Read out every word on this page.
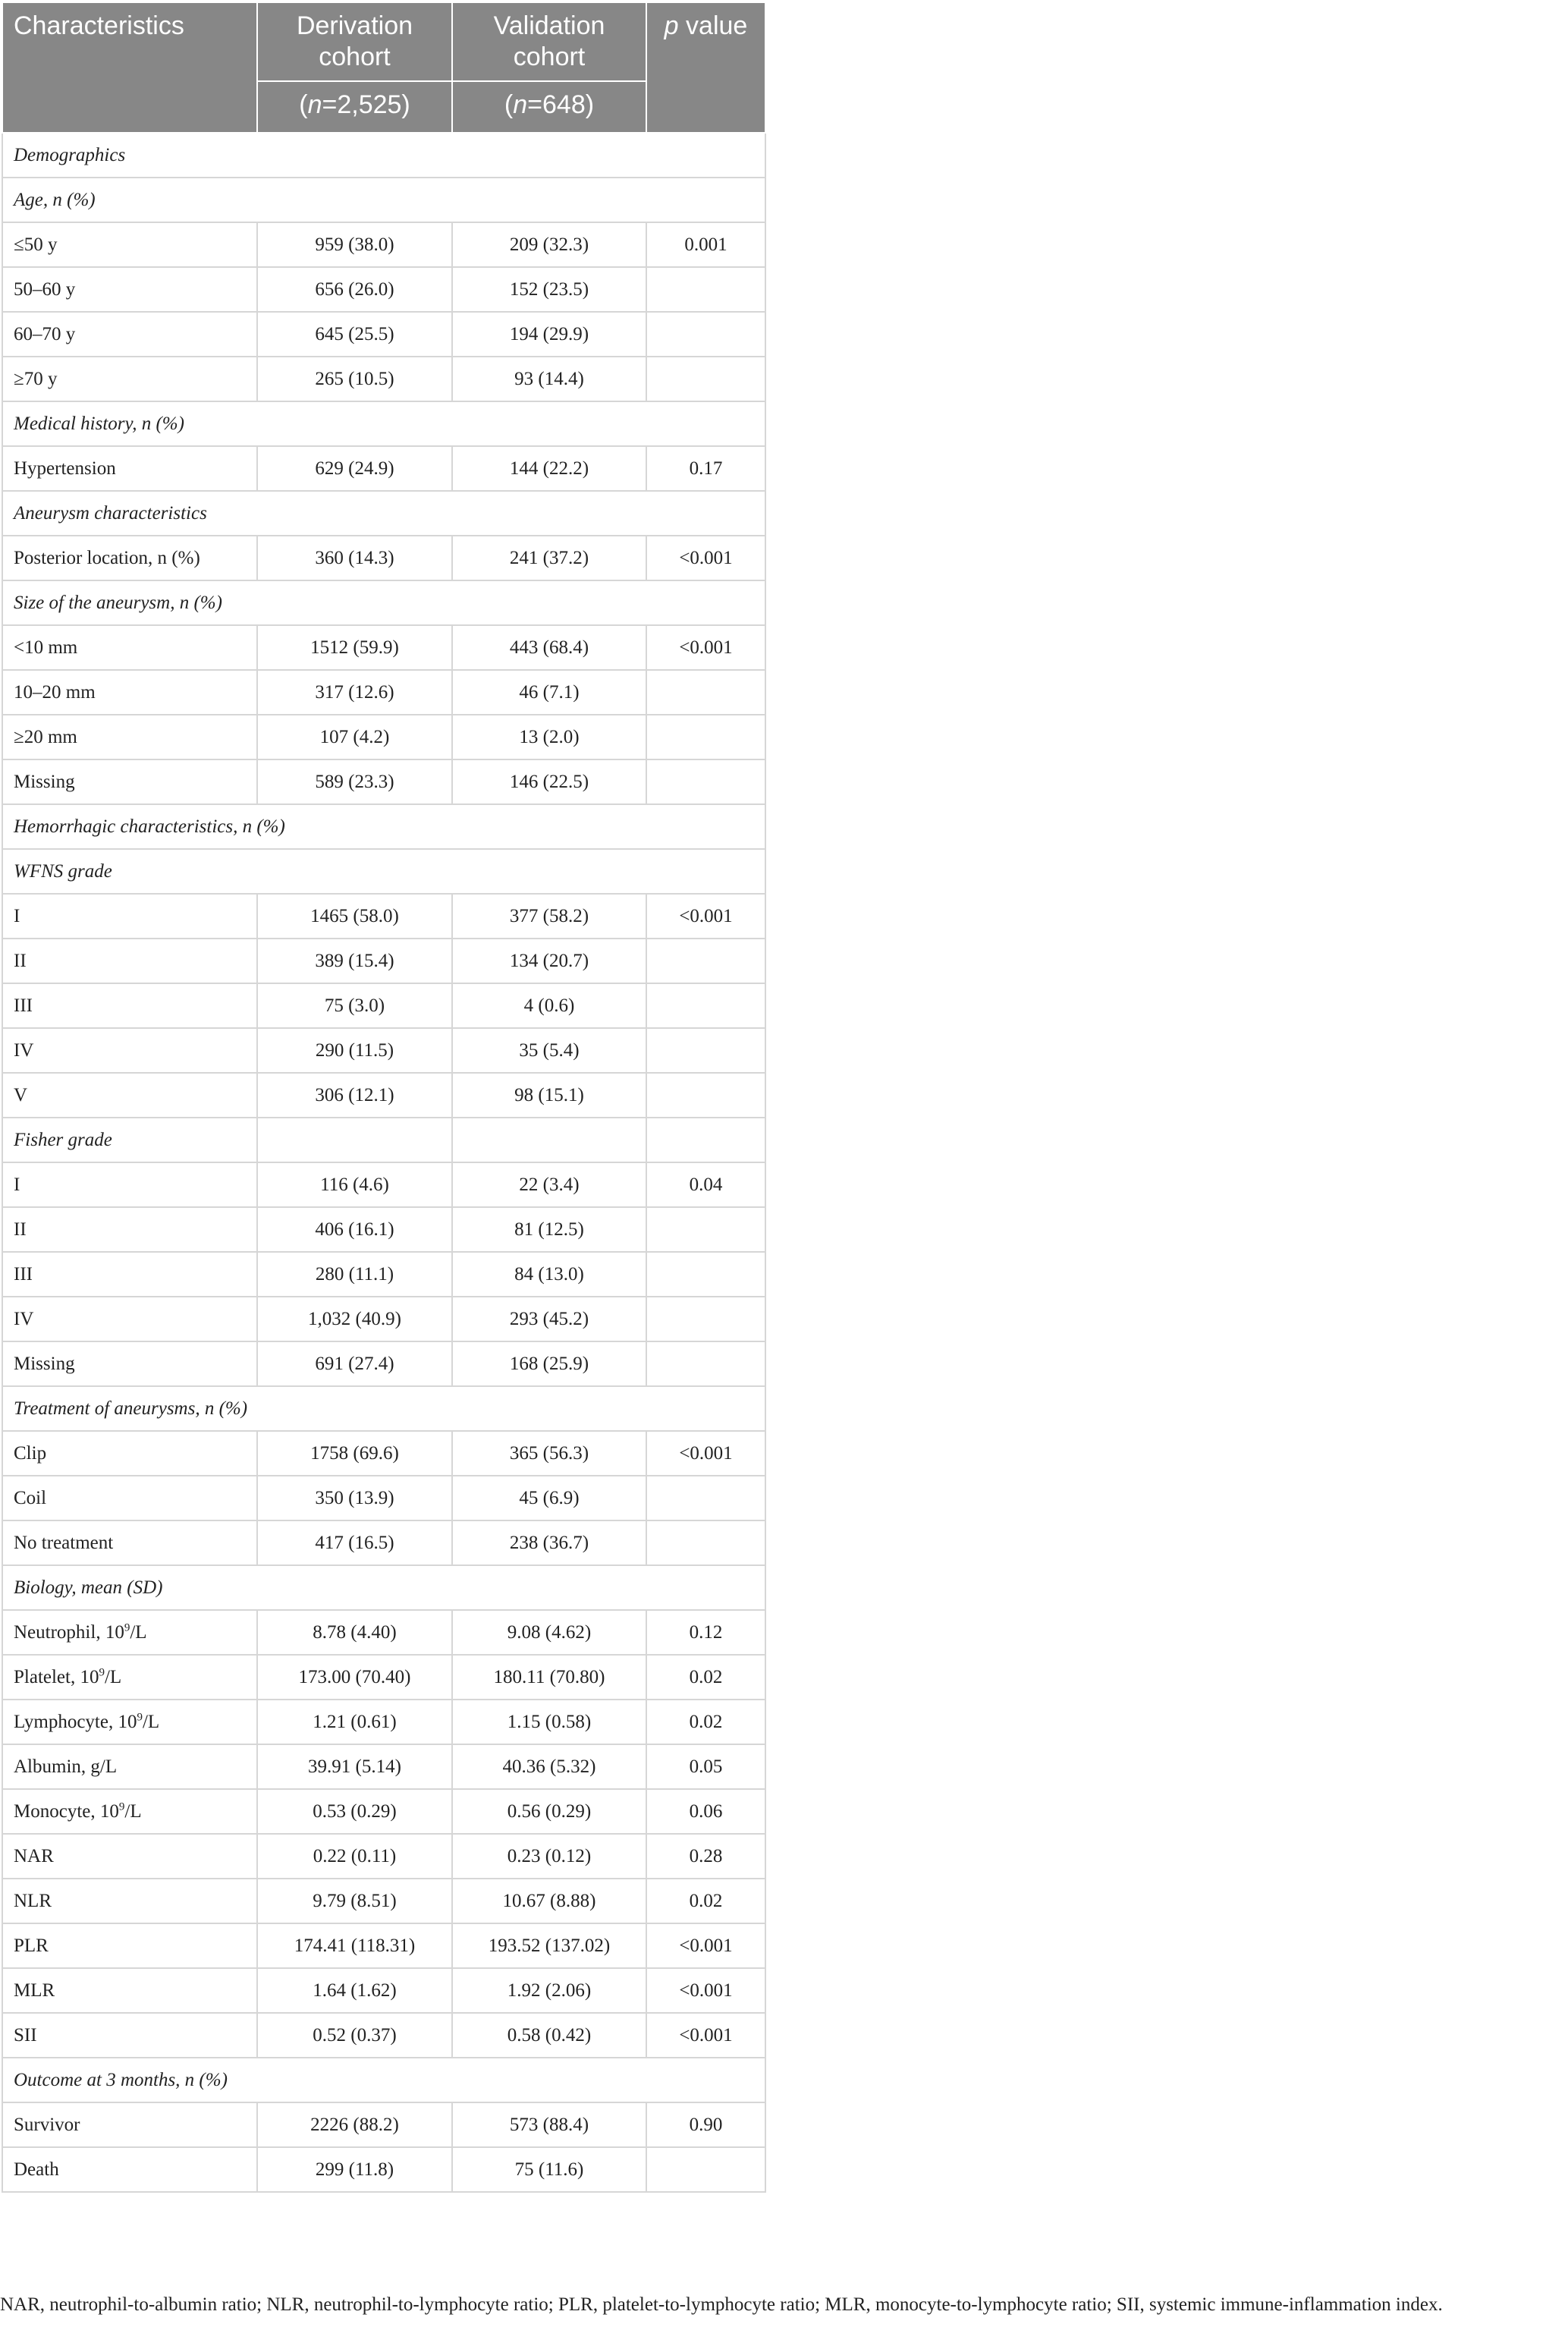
Characteristics	Derivation cohort	Validation cohort	p value
	(n=2,525)	(n=648)	
Demographics			
Age, n (%)			
≤50 y	959 (38.0)	209 (32.3)	0.001
50–60 y	656 (26.0)	152 (23.5)	
60–70 y	645 (25.5)	194 (29.9)	
≥70 y	265 (10.5)	93 (14.4)	
Medical history, n (%)			
Hypertension	629 (24.9)	144 (22.2)	0.17
Aneurysm characteristics			
Posterior location, n (%)	360 (14.3)	241 (37.2)	<0.001
Size of the aneurysm, n (%)			
<10 mm	1512 (59.9)	443 (68.4)	<0.001
10–20 mm	317 (12.6)	46 (7.1)	
≥20 mm	107 (4.2)	13 (2.0)	
Missing	589 (23.3)	146 (22.5)	
Hemorrhagic characteristics, n (%)			
WFNS grade			
I	1465 (58.0)	377 (58.2)	<0.001
II	389 (15.4)	134 (20.7)	
III	75 (3.0)	4 (0.6)	
IV	290 (11.5)	35 (5.4)	
V	306 (12.1)	98 (15.1)	
Fisher grade			
I	116 (4.6)	22 (3.4)	0.04
II	406 (16.1)	81 (12.5)	
III	280 (11.1)	84 (13.0)	
IV	1,032 (40.9)	293 (45.2)	
Missing	691 (27.4)	168 (25.9)	
Treatment of aneurysms, n (%)			
Clip	1758 (69.6)	365 (56.3)	<0.001
Coil	350 (13.9)	45 (6.9)	
No treatment	417 (16.5)	238 (36.7)	
Biology, mean (SD)			
Neutrophil, $10^9/L$	8.78 (4.40)	9.08 (4.62)	0.12
Platelet, $10^9/L$	173.00 (70.40)	180.11 (70.80)	0.02
Lymphocyte, $10^9/L$	1.21 (0.61)	1.15 (0.58)	0.02
Albumin, g/L	39.91 (5.14)	40.36 (5.32)	0.05
Monocyte, $10^9/L$	0.53 (0.29)	0.56 (0.29)	0.06
NAR	0.22 (0.11)	0.23 (0.12)	0.28
NLR	9.79 (8.51)	10.67 (8.88)	0.02
PLR	174.41 (118.31)	193.52 (137.02)	<0.001
MLR	1.64 (1.62)	1.92 (2.06)	<0.001
SII	0.52 (0.37)	0.58 (0.42)	<0.001
Outcome at 3 months, n (%)			
Survivor	2226 (88.2)	573 (88.4)	0.90
Death	299 (11.8)	75 (11.6)	
NAR, neutrophil-to-albumin ratio; NLR, neutrophil-to-lymphocyte ratio; PLR, platelet-to-lymphocyte ratio; MLR, monocyte-to-lymphocyte ratio; SII, systemic immune-inflammation index.
